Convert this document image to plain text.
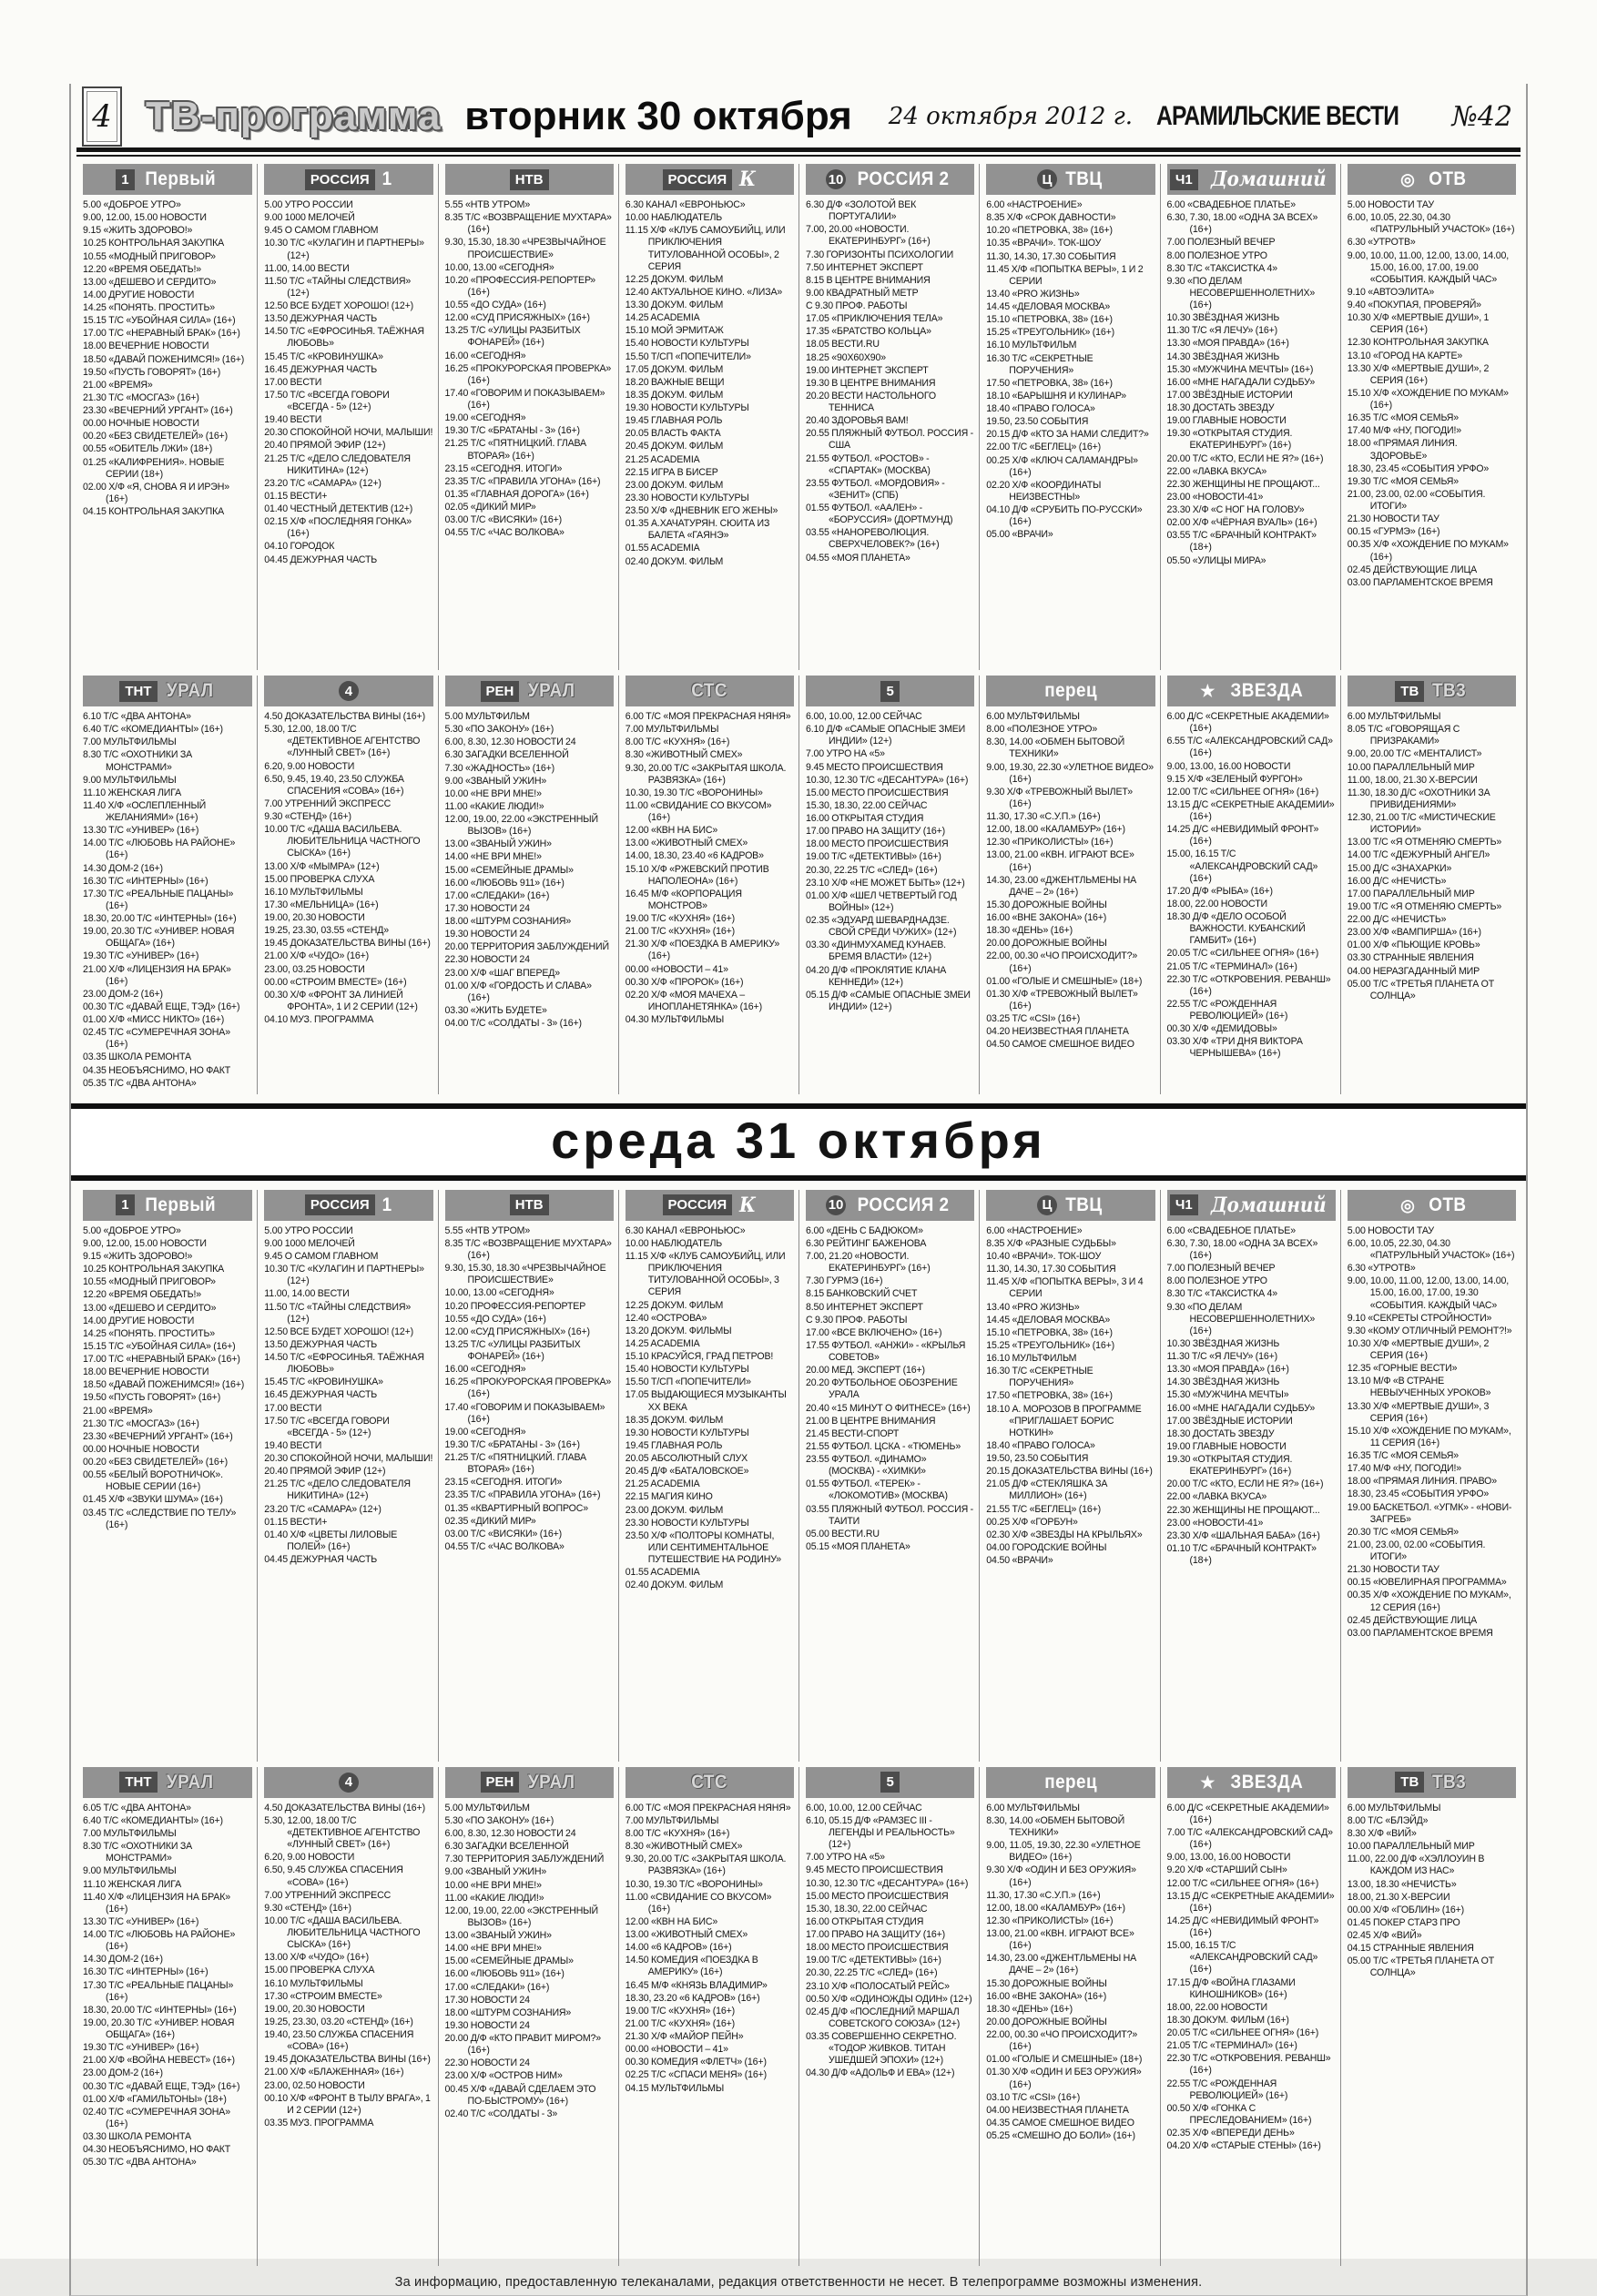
4 ТВ-программа вторник 30 октября 24 октября 2012 г. АРАМИЛЬСКИЕ ВЕСТИ №42
1 Первый
5.00 «ДОБРОЕ УТРО»
9.00, 12.00, 15.00 НОВОСТИ
9.15 «ЖИТЬ ЗДОРОВО!»
10.25 КОНТРОЛЬНАЯ ЗАКУПКА
10.55 «МОДНЫЙ ПРИГОВОР»
12.20 «ВРЕМЯ ОБЕДАТЬ!»
13.00 «ДЕШЕВО И СЕРДИТО»
14.00 ДРУГИЕ НОВОСТИ
14.25 «ПОНЯТЬ. ПРОСТИТЬ»
15.15 Т/С «УБОЙНАЯ СИЛА» (16+)
17.00 Т/С «НЕРАВНЫЙ БРАК» (16+)
18.00 ВЕЧЕРНИЕ НОВОСТИ
18.50 «ДАВАЙ ПОЖЕНИМСЯ!» (16+)
19.50 «ПУСТЬ ГОВОРЯТ» (16+)
21.00 «ВРЕМЯ»
21.30 Т/С «МОСГАЗ» (16+)
23.30 «ВЕЧЕРНИЙ УРГАНТ» (16+)
00.00 НОЧНЫЕ НОВОСТИ
00.20 «БЕЗ СВИДЕТЕЛЕЙ» (16+)
00.55 «ОБИТЕЛЬ ЛЖИ» (18+)
01.25 «КАЛИФРЕНИЯ». НОВЫЕ СЕРИИ (18+)
02.00 Х/Ф «Я, СНОВА Я И ИРЭН» (16+)
04.15 КОНТРОЛЬНАЯ ЗАКУПКА
РОССИЯ 1
5.00 УТРО РОССИИ
9.00 1000 МЕЛОЧЕЙ
9.45 О САМОМ ГЛАВНОМ
10.30 Т/С «КУЛАГИН И ПАРТНЕРЫ» (12+)
11.00, 14.00 ВЕСТИ
11.50 Т/С «ТАЙНЫ СЛЕДСТВИЯ» (12+)
12.50 ВСЕ БУДЕТ ХОРОШО! (12+)
13.50 ДЕЖУРНАЯ ЧАСТЬ
14.50 Т/С «ЕФРОСИНЬЯ. ТАЁЖНАЯ ЛЮБОВЬ»
15.45 Т/С «КРОВИНУШКА»
16.45 ДЕЖУРНАЯ ЧАСТЬ
17.00 ВЕСТИ
17.50 Т/С «ВСЕГДА ГОВОРИ «ВСЕГДА - 5» (12+)
19.40 ВЕСТИ
20.30 СПОКОЙНОЙ НОЧИ, МАЛЫШИ!
20.40 ПРЯМОЙ ЭФИР (12+)
21.25 Т/С «ДЕЛО СЛЕДОВАТЕЛЯ НИКИТИНА» (12+)
23.20 Т/С «САМАРА» (12+)
01.15 ВЕСТИ+
01.40 ЧЕСТНЫЙ ДЕТЕКТИВ (12+)
02.15 Х/Ф «ПОСЛЕДНЯЯ ГОНКА» (16+)
04.10 ГОРОДОК
04.45 ДЕЖУРНАЯ ЧАСТЬ
НТВ
5.55 «НТВ УТРОМ»
8.35 Т/С «ВОЗВРАЩЕНИЕ МУХТАРА» (16+)
9.30, 15.30, 18.30 «ЧРЕЗВЫЧАЙНОЕ ПРОИСШЕСТВИЕ»
10.00, 13.00 «СЕГОДНЯ»
10.20 «ПРОФЕССИЯ-РЕПОРТЕР» (16+)
10.55 «ДО СУДА» (16+)
12.00 «СУД ПРИСЯЖНЫХ» (16+)
13.25 Т/С «УЛИЦЫ РАЗБИТЫХ ФОНАРЕЙ» (16+)
16.00 «СЕГОДНЯ»
16.25 «ПРОКУРОРСКАЯ ПРОВЕРКА» (16+)
17.40 «ГОВОРИМ И ПОКАЗЫВАЕМ» (16+)
19.00 «СЕГОДНЯ»
19.30 Т/С «БРАТАНЫ - 3» (16+)
21.25 Т/С «ПЯТНИЦКИЙ. ГЛАВА ВТОРАЯ» (16+)
23.15 «СЕГОДНЯ. ИТОГИ»
23.35 Т/С «ПРАВИЛА УГОНА» (16+)
01.35 «ГЛАВНАЯ ДОРОГА» (16+)
02.05 «ДИКИЙ МИР»
03.00 Т/С «ВИСЯКИ» (16+)
04.55 Т/С «ЧАС ВОЛКОВА»
РОССИЯ К
6.30 КАНАЛ «ЕВРОНЬЮС»
10.00 НАБЛЮДАТЕЛЬ
11.15 Х/Ф «КЛУБ САМОУБИЙЦ, ИЛИ ПРИКЛЮЧЕНИЯ ТИТУЛОВАННОЙ ОСОБЫ», 2 СЕРИЯ
12.25 ДОКУМ. ФИЛЬМ
12.40 АКТУАЛЬНОЕ КИНО. «ЛИЗА»
13.30 ДОКУМ. ФИЛЬМ
14.25 ACADEMIA
15.10 МОЙ ЭРМИТАЖ
15.40 НОВОСТИ КУЛЬТУРЫ
15.50 Т/СП «ПОПЕЧИТЕЛИ»
17.05 ДОКУМ. ФИЛЬМ
18.20 ВАЖНЫЕ ВЕЩИ
18.35 ДОКУМ. ФИЛЬМ
19.30 НОВОСТИ КУЛЬТУРЫ
19.45 ГЛАВНАЯ РОЛЬ
20.05 ВЛАСТЬ ФАКТА
20.45 ДОКУМ. ФИЛЬМ
21.25 ACADEMIA
22.15 ИГРА В БИСЕР
23.00 ДОКУМ. ФИЛЬМ
23.30 НОВОСТИ КУЛЬТУРЫ
23.50 Х/Ф «ДНЕВНИК ЕГО ЖЕНЫ»
01.35 А.ХАЧАТУРЯН. СЮИТА ИЗ БАЛЕТА «ГАЯНЭ»
01.55 ACADEMIA
02.40 ДОКУМ. ФИЛЬМ
10 РОССИЯ 2
6.30 Д/Ф «ЗОЛОТОЙ ВЕК ПОРТУГАЛИИ»
7.00, 20.00 «НОВОСТИ. ЕКАТЕРИНБУРГ» (16+)
7.30 ГОРИЗОНТЫ ПСИХОЛОГИИ
7.50 ИНТЕРНЕТ ЭКСПЕРТ
8.15 В ЦЕНТРЕ ВНИМАНИЯ
9.00 КВАДРАТНЫЙ МЕТР
С 9.30 ПРОФ. РАБОТЫ
17.05 «ПРИКЛЮЧЕНИЯ ТЕЛА»
17.35 «БРАТСТВО КОЛЬЦА»
18.05 ВЕСТИ.RU
18.25 «90Х60Х90»
19.00 ИНТЕРНЕТ ЭКСПЕРТ
19.30 В ЦЕНТРЕ ВНИМАНИЯ
20.20 ВЕСТИ НАСТОЛЬНОГО ТЕННИСА
20.40 ЗДОРОВЬЯ ВАМ!
20.55 ПЛЯЖНЫЙ ФУТБОЛ. РОССИЯ - США
21.55 ФУТБОЛ. «РОСТОВ» - «СПАРТАК» (МОСКВА)
23.55 ФУТБОЛ. «МОРДОВИЯ» - «ЗЕНИТ» (СПБ)
01.55 ФУТБОЛ. «ААЛЕН» - «БОРУССИЯ» (ДОРТМУНД)
03.55 «НАНОРЕВОЛЮЦИЯ. СВЕРХЧЕЛОВЕК?» (16+)
04.55 «МОЯ ПЛАНЕТА»
Ц ТВЦ
6.00 «НАСТРОЕНИЕ»
8.35 Х/Ф «СРОК ДАВНОСТИ»
10.20 «ПЕТРОВКА, 38» (16+)
10.35 «ВРАЧИ». ТОК-ШОУ
11.30, 14.30, 17.30 СОБЫТИЯ
11.45 Х/Ф «ПОПЫТКА ВЕРЫ», 1 И 2 СЕРИИ
13.40 «PRO ЖИЗНЬ»
14.45 «ДЕЛОВАЯ МОСКВА»
15.10 «ПЕТРОВКА, 38» (16+)
15.25 «ТРЕУГОЛЬНИК» (16+)
16.10 МУЛЬТФИЛЬМ
16.30 Т/С «СЕКРЕТНЫЕ ПОРУЧЕНИЯ»
17.50 «ПЕТРОВКА, 38» (16+)
18.10 «БАРЫШНЯ И КУЛИНАР»
18.40 «ПРАВО ГОЛОСА»
19.50, 23.50 СОБЫТИЯ
20.15 Д/Ф «КТО ЗА НАМИ СЛЕДИТ?»
22.00 Т/С «БЕГЛЕЦ» (16+)
00.25 Х/Ф «КЛЮЧ САЛАМАНДРЫ» (16+)
02.20 Х/Ф «КООРДИНАТЫ НЕИЗВЕСТНЫ»
04.10 Д/Ф «СРУБИТЬ ПО-РУССКИ» (16+)
05.00 «ВРАЧИ»
Ч1 Домашний
6.00 «СВАДЕБНОЕ ПЛАТЬЕ»
6.30, 7.30, 18.00 «ОДНА ЗА ВСЕХ» (16+)
7.00 ПОЛЕЗНЫЙ ВЕЧЕР
8.00 ПОЛЕЗНОЕ УТРО
8.30 Т/С «ТАКСИСТКА 4»
9.30 «ПО ДЕЛАМ НЕСОВЕРШЕННОЛЕТНИХ» (16+)
10.30 ЗВЁЗДНАЯ ЖИЗНЬ
11.30 Т/С «Я ЛЕЧУ» (16+)
13.30 «МОЯ ПРАВДА» (16+)
14.30 ЗВЁЗДНАЯ ЖИЗНЬ
15.30 «МУЖЧИНА МЕЧТЫ» (16+)
16.00 «МНЕ НАГАДАЛИ СУДЬБУ»
17.00 ЗВЁЗДНЫЕ ИСТОРИИ
18.30 ДОСТАТЬ ЗВЕЗДУ
19.00 ГЛАВНЫЕ НОВОСТИ
19.30 «ОТКРЫТАЯ СТУДИЯ. ЕКАТЕРИНБУРГ» (16+)
20.00 Т/С «КТО, ЕСЛИ НЕ Я?» (16+)
22.00 «ЛАВКА ВКУСА»
22.30 ЖЕНЩИНЫ НЕ ПРОЩАЮТ...
23.00 «НОВОСТИ-41»
23.30 Х/Ф «С НОГ НА ГОЛОВУ»
02.00 Х/Ф «ЧЁРНАЯ ВУАЛЬ» (16+)
03.55 Т/С «БРАЧНЫЙ КОНТРАКТ» (18+)
05.50 «УЛИЦЫ МИРА»
◎ ОТВ
5.00 НОВОСТИ ТАУ
6.00, 10.05, 22.30, 04.30 «ПАТРУЛЬНЫЙ УЧАСТОК» (16+)
6.30 «УТРОТВ»
9.00, 10.00, 11.00, 12.00, 13.00, 14.00, 15.00, 16.00, 17.00, 19.00 «СОБЫТИЯ. КАЖДЫЙ ЧАС»
9.10 «АВТОЭЛИТА»
9.40 «ПОКУПАЯ, ПРОВЕРЯЙ»
10.30 Х/Ф «МЕРТВЫЕ ДУШИ», 1 СЕРИЯ (16+)
12.30 КОНТРОЛЬНАЯ ЗАКУПКА
13.10 «ГОРОД НА КАРТЕ»
13.30 Х/Ф «МЕРТВЫЕ ДУШИ», 2 СЕРИЯ (16+)
15.10 Х/Ф «ХОЖДЕНИЕ ПО МУКАМ» (16+)
16.35 Т/С «МОЯ СЕМЬЯ»
17.40 М/Ф «НУ, ПОГОДИ!»
18.00 «ПРЯМАЯ ЛИНИЯ. ЗДОРОВЬЕ»
18.30, 23.45 «СОБЫТИЯ УРФО»
19.30 Т/С «МОЯ СЕМЬЯ»
21.00, 23.00, 02.00 «СОБЫТИЯ. ИТОГИ»
21.30 НОВОСТИ ТАУ
00.15 «ГУРМЭ» (16+)
00.35 Х/Ф «ХОЖДЕНИЕ ПО МУКАМ» (16+)
02.45 ДЕЙСТВУЮЩИЕ ЛИЦА
03.00 ПАРЛАМЕНТСКОЕ ВРЕМЯ
ТНТ УРАЛ
6.10 Т/С «ДВА АНТОНА»
6.40 Т/С «КОМЕДИАНТЫ» (16+)
7.00 МУЛЬТФИЛЬМЫ
8.30 Т/С «ОХОТНИКИ ЗА МОНСТРАМИ»
9.00 МУЛЬТФИЛЬМЫ
11.10 ЖЕНСКАЯ ЛИГА
11.40 Х/Ф «ОСЛЕПЛЕННЫЙ ЖЕЛАНИЯМИ» (16+)
13.30 Т/С «УНИВЕР» (16+)
14.00 Т/С «ЛЮБОВЬ НА РАЙОНЕ» (16+)
14.30 ДОМ-2 (16+)
16.30 Т/С «ИНТЕРНЫ» (16+)
17.30 Т/С «РЕАЛЬНЫЕ ПАЦАНЫ» (16+)
18.30, 20.00 Т/С «ИНТЕРНЫ» (16+)
19.00, 20.30 Т/С «УНИВЕР. НОВАЯ ОБЩАГА» (16+)
19.30 Т/С «УНИВЕР» (16+)
21.00 Х/Ф «ЛИЦЕНЗИЯ НА БРАК» (16+)
23.00 ДОМ-2 (16+)
00.30 Т/С «ДАВАЙ ЕЩЕ, ТЭД» (16+)
01.00 Х/Ф «МИСС НИКТО» (16+)
02.45 Т/С «СУМЕРЕЧНАЯ ЗОНА» (16+)
03.35 ШКОЛА РЕМОНТА
04.35 НЕОБЪЯСНИМО, НО ФАКТ
05.35 Т/С «ДВА АНТОНА»
4
4.50 ДОКАЗАТЕЛЬСТВА ВИНЫ (16+)
5.30, 12.00, 18.00 Т/С «ДЕТЕКТИВНОЕ АГЕНТСТВО «ЛУННЫЙ СВЕТ» (16+)
6.20, 9.00 НОВОСТИ
6.50, 9.45, 19.40, 23.50 СЛУЖБА СПАСЕНИЯ «СОВА» (16+)
7.00 УТРЕННИЙ ЭКСПРЕСС
9.30 «СТЕНД» (16+)
10.00 Т/С «ДАША ВАСИЛЬЕВА. ЛЮБИТЕЛЬНИЦА ЧАСТНОГО СЫСКА» (16+)
13.00 Х/Ф «МЫМРА» (12+)
15.00 ПРОВЕРКА СЛУХА
16.10 МУЛЬТФИЛЬМЫ
17.30 «МЕЛЬНИЦА» (16+)
19.00, 20.30 НОВОСТИ
19.25, 23.30, 03.55 «СТЕНД»
19.45 ДОКАЗАТЕЛЬСТВА ВИНЫ (16+)
21.00 Х/Ф «ЧУДО» (16+)
23.00, 03.25 НОВОСТИ
00.00 «СТРОИМ ВМЕСТЕ» (16+)
00.30 Х/Ф «ФРОНТ ЗА ЛИНИЕЙ ФРОНТА», 1 И 2 СЕРИИ (12+)
04.10 МУЗ. ПРОГРАММА
РЕН УРАЛ
5.00 МУЛЬТФИЛЬМ
5.30 «ПО ЗАКОНУ» (16+)
6.00, 8.30, 12.30 НОВОСТИ 24
6.30 ЗАГАДКИ ВСЕЛЕННОЙ
7.30 «ЖАДНОСТЬ» (16+)
9.00 «ЗВАНЫЙ УЖИН»
10.00 «НЕ ВРИ МНЕ!»
11.00 «КАКИЕ ЛЮДИ!»
12.00, 19.00, 22.00 «ЭКСТРЕННЫЙ ВЫЗОВ» (16+)
13.00 «ЗВАНЫЙ УЖИН»
14.00 «НЕ ВРИ МНЕ!»
15.00 «СЕМЕЙНЫЕ ДРАМЫ»
16.00 «ЛЮБОВЬ 911» (16+)
17.00 «СЛЕДАКИ» (16+)
17.30 НОВОСТИ 24
18.00 «ШТУРМ СОЗНАНИЯ»
19.30 НОВОСТИ 24
20.00 ТЕРРИТОРИЯ ЗАБЛУЖДЕНИЙ
22.30 НОВОСТИ 24
23.00 Х/Ф «ШАГ ВПЕРЕД»
01.00 Х/Ф «ГОРДОСТЬ И СЛАВА» (16+)
03.30 «ЖИТЬ БУДЕТЕ»
04.00 Т/С «СОЛДАТЫ - 3» (16+)
СТС
6.00 Т/С «МОЯ ПРЕКРАСНАЯ НЯНЯ»
7.00 МУЛЬТФИЛЬМЫ
8.00 Т/С «КУХНЯ» (16+)
8.30 «ЖИВОТНЫЙ СМЕХ»
9.30, 20.00 Т/С «ЗАКРЫТАЯ ШКОЛА. РАЗВЯЗКА» (16+)
10.30, 19.30 Т/С «ВОРОНИНЫ»
11.00 «СВИДАНИЕ СО ВКУСОМ» (16+)
12.00 «КВН НА БИС»
13.00 «ЖИВОТНЫЙ СМЕХ»
14.00, 18.30, 23.40 «6 КАДРОВ»
15.10 Х/Ф «РЖЕВСКИЙ ПРОТИВ НАПОЛЕОНА» (16+)
16.45 М/Ф «КОРПОРАЦИЯ МОНСТРОВ»
19.00 Т/С «КУХНЯ» (16+)
21.00 Т/С «КУХНЯ» (16+)
21.30 Х/Ф «ПОЕЗДКА В АМЕРИКУ» (16+)
00.00 «НОВОСТИ – 41»
00.30 Х/Ф «ПРОРОК» (16+)
02.20 Х/Ф «МОЯ МАЧЕХА – ИНОПЛАНЕТЯНКА» (16+)
04.30 МУЛЬТФИЛЬМЫ
5
6.00, 10.00, 12.00 СЕЙЧАС
6.10 Д/Ф «САМЫЕ ОПАСНЫЕ ЗМЕИ ИНДИИ» (12+)
7.00 УТРО НА «5»
9.45 МЕСТО ПРОИСШЕСТВИЯ
10.30, 12.30 Т/С «ДЕСАНТУРА» (16+)
15.00 МЕСТО ПРОИСШЕСТВИЯ
15.30, 18.30, 22.00 СЕЙЧАС
16.00 ОТКРЫТАЯ СТУДИЯ
17.00 ПРАВО НА ЗАЩИТУ (16+)
18.00 МЕСТО ПРОИСШЕСТВИЯ
19.00 Т/С «ДЕТЕКТИВЫ» (16+)
20.30, 22.25 Т/С «СЛЕД» (16+)
23.10 Х/Ф «НЕ МОЖЕТ БЫТЬ» (12+)
01.00 Х/Ф «ШЕЛ ЧЕТВЕРТЫЙ ГОД ВОЙНЫ» (12+)
02.35 «ЭДУАРД ШЕВАРДНАДЗЕ. СВОЙ СРЕДИ ЧУЖИХ» (12+)
03.30 «ДИНМУХАМЕД КУНАЕВ. БРЕМЯ ВЛАСТИ» (12+)
04.20 Д/Ф «ПРОКЛЯТИЕ КЛАНА КЕННЕДИ» (12+)
05.15 Д/Ф «САМЫЕ ОПАСНЫЕ ЗМЕИ ИНДИИ» (12+)
перец
6.00 МУЛЬТФИЛЬМЫ
8.00 «ПОЛЕЗНОЕ УТРО»
8.30, 14.00 «ОБМЕН БЫТОВОЙ ТЕХНИКИ»
9.00, 19.30, 22.30 «УЛЕТНОЕ ВИДЕО» (16+)
9.30 Х/Ф «ТРЕВОЖНЫЙ ВЫЛЕТ» (16+)
11.30, 17.30 «С.У.П.» (16+)
12.00, 18.00 «КАЛАМБУР» (16+)
12.30 «ПРИКОЛИСТЫ» (16+)
13.00, 21.00 «КВН. ИГРАЮТ ВСЕ» (16+)
14.30, 23.00 «ДЖЕНТЛЬМЕНЫ НА ДАЧЕ – 2» (16+)
15.30 ДОРОЖНЫЕ ВОЙНЫ
16.00 «ВНЕ ЗАКОНА» (16+)
18.30 «ДЕНЬ» (16+)
20.00 ДОРОЖНЫЕ ВОЙНЫ
22.00, 00.30 «ЧО ПРОИСХОДИТ?» (16+)
01.00 «ГОЛЫЕ И СМЕШНЫЕ» (18+)
01.30 Х/Ф «ТРЕВОЖНЫЙ ВЫЛЕТ» (16+)
03.25 Т/С «CSI» (16+)
04.20 НЕИЗВЕСТНАЯ ПЛАНЕТА
04.50 САМОЕ СМЕШНОЕ ВИДЕО
★ ЗВЕЗДА
6.00 Д/С «СЕКРЕТНЫЕ АКАДЕМИИ» (16+)
6.55 Т/С «АЛЕКСАНДРОВСКИЙ САД» (16+)
9.00, 13.00, 16.00 НОВОСТИ
9.15 Х/Ф «ЗЕЛЕНЫЙ ФУРГОН»
12.00 Т/С «СИЛЬНЕЕ ОГНЯ» (16+)
13.15 Д/С «СЕКРЕТНЫЕ АКАДЕМИИ» (16+)
14.25 Д/С «НЕВИДИМЫЙ ФРОНТ» (16+)
15.00, 16.15 Т/С «АЛЕКСАНДРОВСКИЙ САД» (16+)
17.20 Д/Ф «РЫБА» (16+)
18.00, 22.00 НОВОСТИ
18.30 Д/Ф «ДЕЛО ОСОБОЙ ВАЖНОСТИ. КУБАНСКИЙ ГАМБИТ» (16+)
20.05 Т/С «СИЛЬНЕЕ ОГНЯ» (16+)
21.05 Т/С «ТЕРМИНАЛ» (16+)
22.30 Т/С «ОТКРОВЕНИЯ. РЕВАНШ» (16+)
22.55 Т/С «РОЖДЕННАЯ РЕВОЛЮЦИЕЙ» (16+)
00.30 Х/Ф «ДЕМИДОВЫ»
03.30 Х/Ф «ТРИ ДНЯ ВИКТОРА ЧЕРНЫШЕВА» (16+)
ТВ ТВ3
6.00 МУЛЬТФИЛЬМЫ
8.05 Т/С «ГОВОРЯЩАЯ С ПРИЗРАКАМИ»
9.00, 20.00 Т/С «МЕНТАЛИСТ»
10.00 ПАРАЛЛЕЛЬНЫЙ МИР
11.00, 18.00, 21.30 Х-ВЕРСИИ
11.30, 18.30 Д/С «ОХОТНИКИ ЗА ПРИВИДЕНИЯМИ»
12.30, 21.00 Т/С «МИСТИЧЕСКИЕ ИСТОРИИ»
13.00 Т/С «Я ОТМЕНЯЮ СМЕРТЬ»
14.00 Т/С «ДЕЖУРНЫЙ АНГЕЛ»
15.00 Д/С «ЗНАХАРКИ»
16.00 Д/С «НЕЧИСТЬ»
17.00 ПАРАЛЛЕЛЬНЫЙ МИР
19.00 Т/С «Я ОТМЕНЯЮ СМЕРТЬ»
22.00 Д/С «НЕЧИСТЬ»
23.00 Х/Ф «ВАМПИРША» (16+)
01.00 Х/Ф «ПЬЮЩИЕ КРОВЬ»
03.30 СТРАННЫЕ ЯВЛЕНИЯ
04.00 НЕРАЗГАДАННЫЙ МИР
05.00 Т/С «ТРЕТЬЯ ПЛАНЕТА ОТ СОЛНЦА»
среда 31 октября
1 Первый
5.00 «ДОБРОЕ УТРО»
9.00, 12.00, 15.00 НОВОСТИ
9.15 «ЖИТЬ ЗДОРОВО!»
10.25 КОНТРОЛЬНАЯ ЗАКУПКА
10.55 «МОДНЫЙ ПРИГОВОР»
12.20 «ВРЕМЯ ОБЕДАТЬ!»
13.00 «ДЕШЕВО И СЕРДИТО»
14.00 ДРУГИЕ НОВОСТИ
14.25 «ПОНЯТЬ. ПРОСТИТЬ»
15.15 Т/С «УБОЙНАЯ СИЛА» (16+)
17.00 Т/С «НЕРАВНЫЙ БРАК» (16+)
18.00 ВЕЧЕРНИЕ НОВОСТИ
18.50 «ДАВАЙ ПОЖЕНИМСЯ!» (16+)
19.50 «ПУСТЬ ГОВОРЯТ» (16+)
21.00 «ВРЕМЯ»
21.30 Т/С «МОСГАЗ» (16+)
23.30 «ВЕЧЕРНИЙ УРГАНТ» (16+)
00.00 НОЧНЫЕ НОВОСТИ
00.20 «БЕЗ СВИДЕТЕЛЕЙ» (16+)
00.55 «БЕЛЫЙ ВОРОТНИЧОК». НОВЫЕ СЕРИИ (16+)
01.45 Х/Ф «ЗВУКИ ШУМА» (16+)
03.45 Т/С «СЛЕДСТВИЕ ПО ТЕЛУ» (16+)
РОССИЯ 1
5.00 УТРО РОССИИ
9.00 1000 МЕЛОЧЕЙ
9.45 О САМОМ ГЛАВНОМ
10.30 Т/С «КУЛАГИН И ПАРТНЕРЫ» (12+)
11.00, 14.00 ВЕСТИ
11.50 Т/С «ТАЙНЫ СЛЕДСТВИЯ» (12+)
12.50 ВСЕ БУДЕТ ХОРОШО! (12+)
13.50 ДЕЖУРНАЯ ЧАСТЬ
14.50 Т/С «ЕФРОСИНЬЯ. ТАЁЖНАЯ ЛЮБОВЬ»
15.45 Т/С «КРОВИНУШКА»
16.45 ДЕЖУРНАЯ ЧАСТЬ
17.00 ВЕСТИ
17.50 Т/С «ВСЕГДА ГОВОРИ «ВСЕГДА - 5» (12+)
19.40 ВЕСТИ
20.30 СПОКОЙНОЙ НОЧИ, МАЛЫШИ!
20.40 ПРЯМОЙ ЭФИР (12+)
21.25 Т/С «ДЕЛО СЛЕДОВАТЕЛЯ НИКИТИНА» (12+)
23.20 Т/С «САМАРА» (12+)
01.15 ВЕСТИ+
01.40 Х/Ф «ЦВЕТЫ ЛИЛОВЫЕ ПОЛЕЙ» (16+)
04.45 ДЕЖУРНАЯ ЧАСТЬ
НТВ
5.55 «НТВ УТРОМ»
8.35 Т/С «ВОЗВРАЩЕНИЕ МУХТАРА» (16+)
9.30, 15.30, 18.30 «ЧРЕЗВЫЧАЙНОЕ ПРОИСШЕСТВИЕ»
10.00, 13.00 «СЕГОДНЯ»
10.20 ПРОФЕССИЯ-РЕПОРТЕР
10.55 «ДО СУДА» (16+)
12.00 «СУД ПРИСЯЖНЫХ» (16+)
13.25 Т/С «УЛИЦЫ РАЗБИТЫХ ФОНАРЕЙ» (16+)
16.00 «СЕГОДНЯ»
16.25 «ПРОКУРОРСКАЯ ПРОВЕРКА» (16+)
17.40 «ГОВОРИМ И ПОКАЗЫВАЕМ» (16+)
19.00 «СЕГОДНЯ»
19.30 Т/С «БРАТАНЫ - 3» (16+)
21.25 Т/С «ПЯТНИЦКИЙ. ГЛАВА ВТОРАЯ» (16+)
23.15 «СЕГОДНЯ. ИТОГИ»
23.35 Т/С «ПРАВИЛА УГОНА» (16+)
01.35 «КВАРТИРНЫЙ ВОПРОС»
02.35 «ДИКИЙ МИР»
03.00 Т/С «ВИСЯКИ» (16+)
04.55 Т/С «ЧАС ВОЛКОВА»
РОССИЯ К
6.30 КАНАЛ «ЕВРОНЬЮС»
10.00 НАБЛЮДАТЕЛЬ
11.15 Х/Ф «КЛУБ САМОУБИЙЦ, ИЛИ ПРИКЛЮЧЕНИЯ ТИТУЛОВАННОЙ ОСОБЫ», 3 СЕРИЯ
12.25 ДОКУМ. ФИЛЬМ
12.40 «ОСТРОВА»
13.20 ДОКУМ. ФИЛЬМЫ
14.25 ACADEMIA
15.10 КРАСУЙСЯ, ГРАД ПЕТРОВ!
15.40 НОВОСТИ КУЛЬТУРЫ
15.50 Т/СП «ПОПЕЧИТЕЛИ»
17.05 ВЫДАЮЩИЕСЯ МУЗЫКАНТЫ ХХ ВЕКА
18.35 ДОКУМ. ФИЛЬМ
19.30 НОВОСТИ КУЛЬТУРЫ
19.45 ГЛАВНАЯ РОЛЬ
20.05 АБСОЛЮТНЫЙ СЛУХ
20.45 Д/Ф «БАТАЛОВСКОЕ»
21.25 ACADEMIA
22.15 МАГИЯ КИНО
23.00 ДОКУМ. ФИЛЬМ
23.30 НОВОСТИ КУЛЬТУРЫ
23.50 Х/Ф «ПОЛТОРЫ КОМНАТЫ, ИЛИ СЕНТИМЕНТАЛЬНОЕ ПУТЕШЕСТВИЕ НА РОДИНУ»
01.55 ACADEMIA
02.40 ДОКУМ. ФИЛЬМ
10 РОССИЯ 2
6.00 «ДЕНЬ С БАДЮКОМ»
6.30 РЕЙТИНГ БАЖЕНОВА
7.00, 21.20 «НОВОСТИ. ЕКАТЕРИНБУРГ» (16+)
7.30 ГУРМЭ (16+)
8.15 БАНКОВСКИЙ СЧЕТ
8.50 ИНТЕРНЕТ ЭКСПЕРТ
С 9.30 ПРОФ. РАБОТЫ
17.00 «ВСЕ ВКЛЮЧЕНО» (16+)
17.55 ФУТБОЛ. «АНЖИ» - «КРЫЛЬЯ СОВЕТОВ»
20.00 МЕД. ЭКСПЕРТ (16+)
20.20 ФУТБОЛЬНОЕ ОБОЗРЕНИЕ УРАЛА
20.40 «15 МИНУТ О ФИТНЕСЕ» (16+)
21.00 В ЦЕНТРЕ ВНИМАНИЯ
21.45 ВЕСТИ-СПОРТ
21.55 ФУТБОЛ. ЦСКА - «ТЮМЕНЬ»
23.55 ФУТБОЛ. «ДИНАМО» (МОСКВА) - «ХИМКИ»
01.55 ФУТБОЛ. «ТЕРЕК» - «ЛОКОМОТИВ» (МОСКВА)
03.55 ПЛЯЖНЫЙ ФУТБОЛ. РОССИЯ - ТАИТИ
05.00 ВЕСТИ.RU
05.15 «МОЯ ПЛАНЕТА»
Ц ТВЦ
6.00 «НАСТРОЕНИЕ»
8.35 Х/Ф «РАЗНЫЕ СУДЬБЫ»
10.40 «ВРАЧИ». ТОК-ШОУ
11.30, 14.30, 17.30 СОБЫТИЯ
11.45 Х/Ф «ПОПЫТКА ВЕРЫ», 3 И 4 СЕРИИ
13.40 «PRO ЖИЗНЬ»
14.45 «ДЕЛОВАЯ МОСКВА»
15.10 «ПЕТРОВКА, 38» (16+)
15.25 «ТРЕУГОЛЬНИК» (16+)
16.10 МУЛЬТФИЛЬМ
16.30 Т/С «СЕКРЕТНЫЕ ПОРУЧЕНИЯ»
17.50 «ПЕТРОВКА, 38» (16+)
18.10 А. МОРОЗОВ В ПРОГРАММЕ «ПРИГЛАШАЕТ БОРИС НОТКИН»
18.40 «ПРАВО ГОЛОСА»
19.50, 23.50 СОБЫТИЯ
20.15 ДОКАЗАТЕЛЬСТВА ВИНЫ (16+)
21.05 Д/Ф «СТЕКЛЯШКА ЗА МИЛЛИОН» (16+)
21.55 Т/С «БЕГЛЕЦ» (16+)
00.25 Х/Ф «ГОРБУН»
02.30 Х/Ф «ЗВЕЗДЫ НА КРЫЛЬЯХ»
04.00 ГОРОДСКИЕ ВОЙНЫ
04.50 «ВРАЧИ»
Ч1 Домашний
6.00 «СВАДЕБНОЕ ПЛАТЬЕ»
6.30, 7.30, 18.00 «ОДНА ЗА ВСЕХ» (16+)
7.00 ПОЛЕЗНЫЙ ВЕЧЕР
8.00 ПОЛЕЗНОЕ УТРО
8.30 Т/С «ТАКСИСТКА 4»
9.30 «ПО ДЕЛАМ НЕСОВЕРШЕННОЛЕТНИХ» (16+)
10.30 ЗВЁЗДНАЯ ЖИЗНЬ
11.30 Т/С «Я ЛЕЧУ» (16+)
13.30 «МОЯ ПРАВДА» (16+)
14.30 ЗВЁЗДНАЯ ЖИЗНЬ
15.30 «МУЖЧИНА МЕЧТЫ»
16.00 «МНЕ НАГАДАЛИ СУДЬБУ»
17.00 ЗВЁЗДНЫЕ ИСТОРИИ
18.30 ДОСТАТЬ ЗВЕЗДУ
19.00 ГЛАВНЫЕ НОВОСТИ
19.30 «ОТКРЫТАЯ СТУДИЯ. ЕКАТЕРИНБУРГ» (16+)
20.00 Т/С «КТО, ЕСЛИ НЕ Я?» (16+)
22.00 «ЛАВКА ВКУСА»
22.30 ЖЕНЩИНЫ НЕ ПРОЩАЮТ...
23.00 «НОВОСТИ-41»
23.30 Х/Ф «ШАЛЬНАЯ БАБА» (16+)
01.10 Т/С «БРАЧНЫЙ КОНТРАКТ» (18+)
◎ ОТВ
5.00 НОВОСТИ ТАУ
6.00, 10.05, 22.30, 04.30 «ПАТРУЛЬНЫЙ УЧАСТОК» (16+)
6.30 «УТРОТВ»
9.00, 10.00, 11.00, 12.00, 13.00, 14.00, 15.00, 16.00, 17.00, 19.30 «СОБЫТИЯ. КАЖДЫЙ ЧАС»
9.10 «СЕКРЕТЫ СТРОЙНОСТИ»
9.30 «КОМУ ОТЛИЧНЫЙ РЕМОНТ?!»
10.30 Х/Ф «МЕРТВЫЕ ДУШИ», 2 СЕРИЯ (16+)
12.35 «ГОРНЫЕ ВЕСТИ»
13.10 М/Ф «В СТРАНЕ НЕВЫУЧЕННЫХ УРОКОВ»
13.30 Х/Ф «МЕРТВЫЕ ДУШИ», 3 СЕРИЯ (16+)
15.10 Х/Ф «ХОЖДЕНИЕ ПО МУКАМ», 11 СЕРИЯ (16+)
16.35 Т/С «МОЯ СЕМЬЯ»
17.40 М/Ф «НУ, ПОГОДИ!»
18.00 «ПРЯМАЯ ЛИНИЯ. ПРАВО»
18.30, 23.45 «СОБЫТИЯ УРФО»
19.00 БАСКЕТБОЛ. «УГМК» - «НОВИ-ЗАГРЕБ»
20.30 Т/С «МОЯ СЕМЬЯ»
21.00, 23.00, 02.00 «СОБЫТИЯ. ИТОГИ»
21.30 НОВОСТИ ТАУ
00.15 «ЮВЕЛИРНАЯ ПРОГРАММА»
00.35 Х/Ф «ХОЖДЕНИЕ ПО МУКАМ», 12 СЕРИЯ (16+)
02.45 ДЕЙСТВУЮЩИЕ ЛИЦА
03.00 ПАРЛАМЕНТСКОЕ ВРЕМЯ
ТНТ УРАЛ
6.05 Т/С «ДВА АНТОНА»
6.40 Т/С «КОМЕДИАНТЫ» (16+)
7.00 МУЛЬТФИЛЬМЫ
8.30 Т/С «ОХОТНИКИ ЗА МОНСТРАМИ»
9.00 МУЛЬТФИЛЬМЫ
11.10 ЖЕНСКАЯ ЛИГА
11.40 Х/Ф «ЛИЦЕНЗИЯ НА БРАК» (16+)
13.30 Т/С «УНИВЕР» (16+)
14.00 Т/С «ЛЮБОВЬ НА РАЙОНЕ» (16+)
14.30 ДОМ-2 (16+)
16.30 Т/С «ИНТЕРНЫ» (16+)
17.30 Т/С «РЕАЛЬНЫЕ ПАЦАНЫ» (16+)
18.30, 20.00 Т/С «ИНТЕРНЫ» (16+)
19.00, 20.30 Т/С «УНИВЕР. НОВАЯ ОБЩАГА» (16+)
19.30 Т/С «УНИВЕР» (16+)
21.00 Х/Ф «ВОЙНА НЕВЕСТ» (16+)
23.00 ДОМ-2 (16+)
00.30 Т/С «ДАВАЙ ЕЩЕ, ТЭД» (16+)
01.00 Х/Ф «ГАМИЛЬТОНЫ» (18+)
02.40 Т/С «СУМЕРЕЧНАЯ ЗОНА» (16+)
03.30 ШКОЛА РЕМОНТА
04.30 НЕОБЪЯСНИМО, НО ФАКТ
05.30 Т/С «ДВА АНТОНА»
4
4.50 ДОКАЗАТЕЛЬСТВА ВИНЫ (16+)
5.30, 12.00, 18.00 Т/С «ДЕТЕКТИВНОЕ АГЕНТСТВО «ЛУННЫЙ СВЕТ» (16+)
6.20, 9.00 НОВОСТИ
6.50, 9.45 СЛУЖБА СПАСЕНИЯ «СОВА» (16+)
7.00 УТРЕННИЙ ЭКСПРЕСС
9.30 «СТЕНД» (16+)
10.00 Т/С «ДАША ВАСИЛЬЕВА. ЛЮБИТЕЛЬНИЦА ЧАСТНОГО СЫСКА» (16+)
13.00 Х/Ф «ЧУДО» (16+)
15.00 ПРОВЕРКА СЛУХА
16.10 МУЛЬТФИЛЬМЫ
17.30 «СТРОИМ ВМЕСТЕ»
19.00, 20.30 НОВОСТИ
19.25, 23.30, 03.20 «СТЕНД» (16+)
19.40, 23.50 СЛУЖБА СПАСЕНИЯ «СОВА» (16+)
19.45 ДОКАЗАТЕЛЬСТВА ВИНЫ (16+)
21.00 Х/Ф «БЛАЖЕННАЯ» (16+)
23.00, 02.50 НОВОСТИ
00.10 Х/Ф «ФРОНТ В ТЫЛУ ВРАГА», 1 И 2 СЕРИИ (12+)
03.35 МУЗ. ПРОГРАММА
РЕН УРАЛ
5.00 МУЛЬТФИЛЬМ
5.30 «ПО ЗАКОНУ» (16+)
6.00, 8.30, 12.30 НОВОСТИ 24
6.30 ЗАГАДКИ ВСЕЛЕННОЙ
7.30 ТЕРРИТОРИЯ ЗАБЛУЖДЕНИЙ
9.00 «ЗВАНЫЙ УЖИН»
10.00 «НЕ ВРИ МНЕ!»
11.00 «КАКИЕ ЛЮДИ!»
12.00, 19.00, 22.00 «ЭКСТРЕННЫЙ ВЫЗОВ» (16+)
13.00 «ЗВАНЫЙ УЖИН»
14.00 «НЕ ВРИ МНЕ!»
15.00 «СЕМЕЙНЫЕ ДРАМЫ»
16.00 «ЛЮБОВЬ 911» (16+)
17.00 «СЛЕДАКИ» (16+)
17.30 НОВОСТИ 24
18.00 «ШТУРМ СОЗНАНИЯ»
19.30 НОВОСТИ 24
20.00 Д/Ф «КТО ПРАВИТ МИРОМ?» (16+)
22.30 НОВОСТИ 24
23.00 Х/Ф «ОСТРОВ НИМ»
00.45 Х/Ф «ДАВАЙ СДЕЛАЕМ ЭТО ПО-БЫСТРОМУ» (16+)
02.40 Т/С «СОЛДАТЫ - 3»
СТС
6.00 Т/С «МОЯ ПРЕКРАСНАЯ НЯНЯ»
7.00 МУЛЬТФИЛЬМЫ
8.00 Т/С «КУХНЯ» (16+)
8.30 «ЖИВОТНЫЙ СМЕХ»
9.30, 20.00 Т/С «ЗАКРЫТАЯ ШКОЛА. РАЗВЯЗКА» (16+)
10.30, 19.30 Т/С «ВОРОНИНЫ»
11.00 «СВИДАНИЕ СО ВКУСОМ» (16+)
12.00 «КВН НА БИС»
13.00 «ЖИВОТНЫЙ СМЕХ»
14.00 «6 КАДРОВ» (16+)
14.50 КОМЕДИЯ «ПОЕЗДКА В АМЕРИКУ» (16+)
16.45 М/Ф «КНЯЗЬ ВЛАДИМИР»
18.30, 23.20 «6 КАДРОВ» (16+)
19.00 Т/С «КУХНЯ» (16+)
21.00 Т/С «КУХНЯ» (16+)
21.30 Х/Ф «МАЙОР ПЕЙН»
00.00 «НОВОСТИ – 41»
00.30 КОМЕДИЯ «ФЛЕТЧ» (16+)
02.25 Т/С «СПАСИ МЕНЯ» (16+)
04.15 МУЛЬТФИЛЬМЫ
5
6.00, 10.00, 12.00 СЕЙЧАС
6.10, 05.15 Д/Ф «РАМЗЕС III - ЛЕГЕНДЫ И РЕАЛЬНОСТЬ» (12+)
7.00 УТРО НА «5»
9.45 МЕСТО ПРОИСШЕСТВИЯ
10.30, 12.30 Т/С «ДЕСАНТУРА» (16+)
15.00 МЕСТО ПРОИСШЕСТВИЯ
15.30, 18.30, 22.00 СЕЙЧАС
16.00 ОТКРЫТАЯ СТУДИЯ
17.00 ПРАВО НА ЗАЩИТУ (16+)
18.00 МЕСТО ПРОИСШЕСТВИЯ
19.00 Т/С «ДЕТЕКТИВЫ» (16+)
20.30, 22.25 Т/С «СЛЕД» (16+)
23.10 Х/Ф «ПОЛОСАТЫЙ РЕЙС»
00.50 Х/Ф «ОДИНОЖДЫ ОДИН» (12+)
02.45 Д/Ф «ПОСЛЕДНИЙ МАРШАЛ СОВЕТСКОГО СОЮЗА» (12+)
03.35 СОВЕРШЕННО СЕКРЕТНО. «ТОДОР ЖИВКОВ. ТИТАН УШЕДШЕЙ ЭПОХИ» (12+)
04.30 Д/Ф «АДОЛЬФ И ЕВА» (12+)
перец
6.00 МУЛЬТФИЛЬМЫ
8.30, 14.00 «ОБМЕН БЫТОВОЙ ТЕХНИКИ»
9.00, 11.05, 19.30, 22.30 «УЛЕТНОЕ ВИДЕО» (16+)
9.30 Х/Ф «ОДИН И БЕЗ ОРУЖИЯ» (16+)
11.30, 17.30 «С.У.П.» (16+)
12.00, 18.00 «КАЛАМБУР» (16+)
12.30 «ПРИКОЛИСТЫ» (16+)
13.00, 21.00 «КВН. ИГРАЮТ ВСЕ» (16+)
14.30, 23.00 «ДЖЕНТЛЬМЕНЫ НА ДАЧЕ – 2» (16+)
15.30 ДОРОЖНЫЕ ВОЙНЫ
16.00 «ВНЕ ЗАКОНА» (16+)
18.30 «ДЕНЬ» (16+)
20.00 ДОРОЖНЫЕ ВОЙНЫ
22.00, 00.30 «ЧО ПРОИСХОДИТ?» (16+)
01.00 «ГОЛЫЕ И СМЕШНЫЕ» (18+)
01.30 Х/Ф «ОДИН И БЕЗ ОРУЖИЯ» (16+)
03.10 Т/С «CSI» (16+)
04.00 НЕИЗВЕСТНАЯ ПЛАНЕТА
04.35 САМОЕ СМЕШНОЕ ВИДЕО
05.25 «СМЕШНО ДО БОЛИ» (16+)
★ ЗВЕЗДА
6.00 Д/С «СЕКРЕТНЫЕ АКАДЕМИИ» (16+)
7.00 Т/С «АЛЕКСАНДРОВСКИЙ САД» (16+)
9.00, 13.00, 16.00 НОВОСТИ
9.20 Х/Ф «СТАРШИЙ СЫН»
12.00 Т/С «СИЛЬНЕЕ ОГНЯ» (16+)
13.15 Д/С «СЕКРЕТНЫЕ АКАДЕМИИ» (16+)
14.25 Д/С «НЕВИДИМЫЙ ФРОНТ» (16+)
15.00, 16.15 Т/С «АЛЕКСАНДРОВСКИЙ САД» (16+)
17.15 Д/Ф «ВОЙНА ГЛАЗАМИ КИНОШНИКОВ» (16+)
18.00, 22.00 НОВОСТИ
18.30 ДОКУМ. ФИЛЬМ (16+)
20.05 Т/С «СИЛЬНЕЕ ОГНЯ» (16+)
21.05 Т/С «ТЕРМИНАЛ» (16+)
22.30 Т/С «ОТКРОВЕНИЯ. РЕВАНШ» (16+)
22.55 Т/С «РОЖДЕННАЯ РЕВОЛЮЦИЕЙ» (16+)
00.50 Х/Ф «ГОНКА С ПРЕСЛЕДОВАНИЕМ» (16+)
02.35 Х/Ф «ВПЕРЕДИ ДЕНЬ»
04.20 Х/Ф «СТАРЫЕ СТЕНЫ» (16+)
ТВ ТВ3
6.00 МУЛЬТФИЛЬМЫ
8.00 Т/С «БЛЭЙД»
8.30 Х/Ф «ВИЙ»
10.00 ПАРАЛЛЕЛЬНЫЙ МИР
11.00, 22.00 Д/Ф «ХЭЛЛОУИН В КАЖДОМ ИЗ НАС»
13.00, 18.30 «НЕЧИСТЬ»
18.00, 21.30 Х-ВЕРСИИ
00.00 Х/Ф «ГОБЛИН» (16+)
01.45 ПОКЕР СТАРЗ ПРО
02.45 Х/Ф «ВИЙ»
04.15 СТРАННЫЕ ЯВЛЕНИЯ
05.00 Т/С «ТРЕТЬЯ ПЛАНЕТА ОТ СОЛНЦА»
За информацию, предоставленную телеканалами, редакция ответственности не несет. В телепрограмме возможны изменения.
